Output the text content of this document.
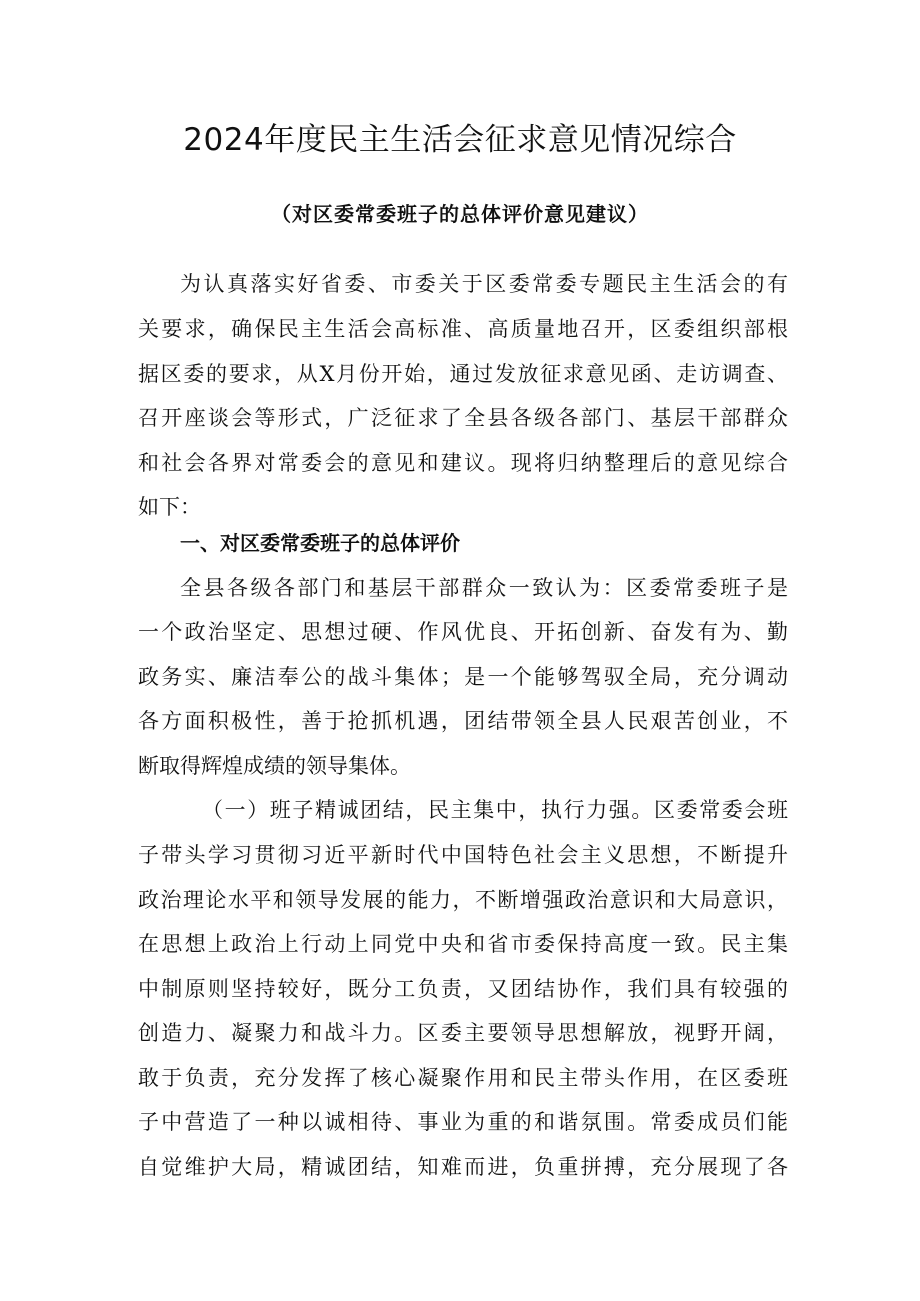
2024年度民主生活会征求意见情况综合
（对区委常委班子的总体评价意见建议）
为认真落实好省委、市委关于区委常委专题民主生活会的有
关要求，确保民主生活会高标准、高质量地召开，区委组织部根
据区委的要求，从X月份开始，通过发放征求意见函、走访调查、
召开座谈会等形式，广泛征求了全县各级各部门、基层干部群众
和社会各界对常委会的意见和建议。现将归纳整理后的意见综合
如下：
一、对区委常委班子的总体评价
全县各级各部门和基层干部群众一致认为：区委常委班子是
一个政治坚定、思想过硬、作风优良、开拓创新、奋发有为、勤
政务实、廉洁奉公的战斗集体；是一个能够驾驭全局，充分调动
各方面积极性，善于抢抓机遇，团结带领全县人民艰苦创业，不
断取得辉煌成绩的领导集体。
（一）班子精诚团结，民主集中，执行力强。区委常委会班
子带头学习贯彻习近平新时代中国特色社会主义思想，不断提升
政治理论水平和领导发展的能力，不断增强政治意识和大局意识，
在思想上政治上行动上同党中央和省市委保持高度一致。民主集
中制原则坚持较好，既分工负责，又团结协作，我们具有较强的
创造力、凝聚力和战斗力。区委主要领导思想解放，视野开阔，
敢于负责，充分发挥了核心凝聚作用和民主带头作用，在区委班
子中营造了一种以诚相待、事业为重的和谐氛围。常委成员们能
自觉维护大局，精诚团结，知难而进，负重拼搏，充分展现了各
